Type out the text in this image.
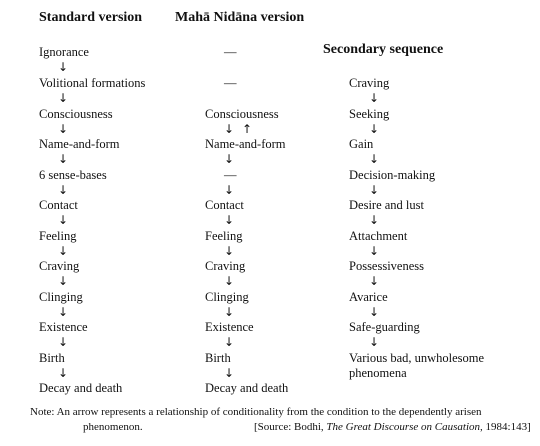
Standard version Mahā Nidāna version
Secondary sequence
Ignorance
↓
Volitional formations
↓
Consciousness
↓
Name-and-form
↓
6 sense-bases
↓
Contact
↓
Feeling
↓
Craving
↓
Clinging
↓
Existence
↓
Birth
↓
Decay and death
—
—
Consciousness
↓ ↑
Name-and-form
↓
—
↓
Contact
↓
Feeling
↓
Craving
↓
Clinging
↓
Existence
↓
Birth
↓
Decay and death
Craving
↓
Seeking
↓
Gain
↓
Decision-making
↓
Desire and lust
↓
Attachment
↓
Possessiveness
↓
Avarice
↓
Safe-guarding
↓
Various bad, unwholesome
phenomena
Note: An arrow represents a relationship of conditionality from the condition to the dependently arisen
phenomenon.	[Source: Bodhi, The Great Discourse on Causation, 1984:143]
